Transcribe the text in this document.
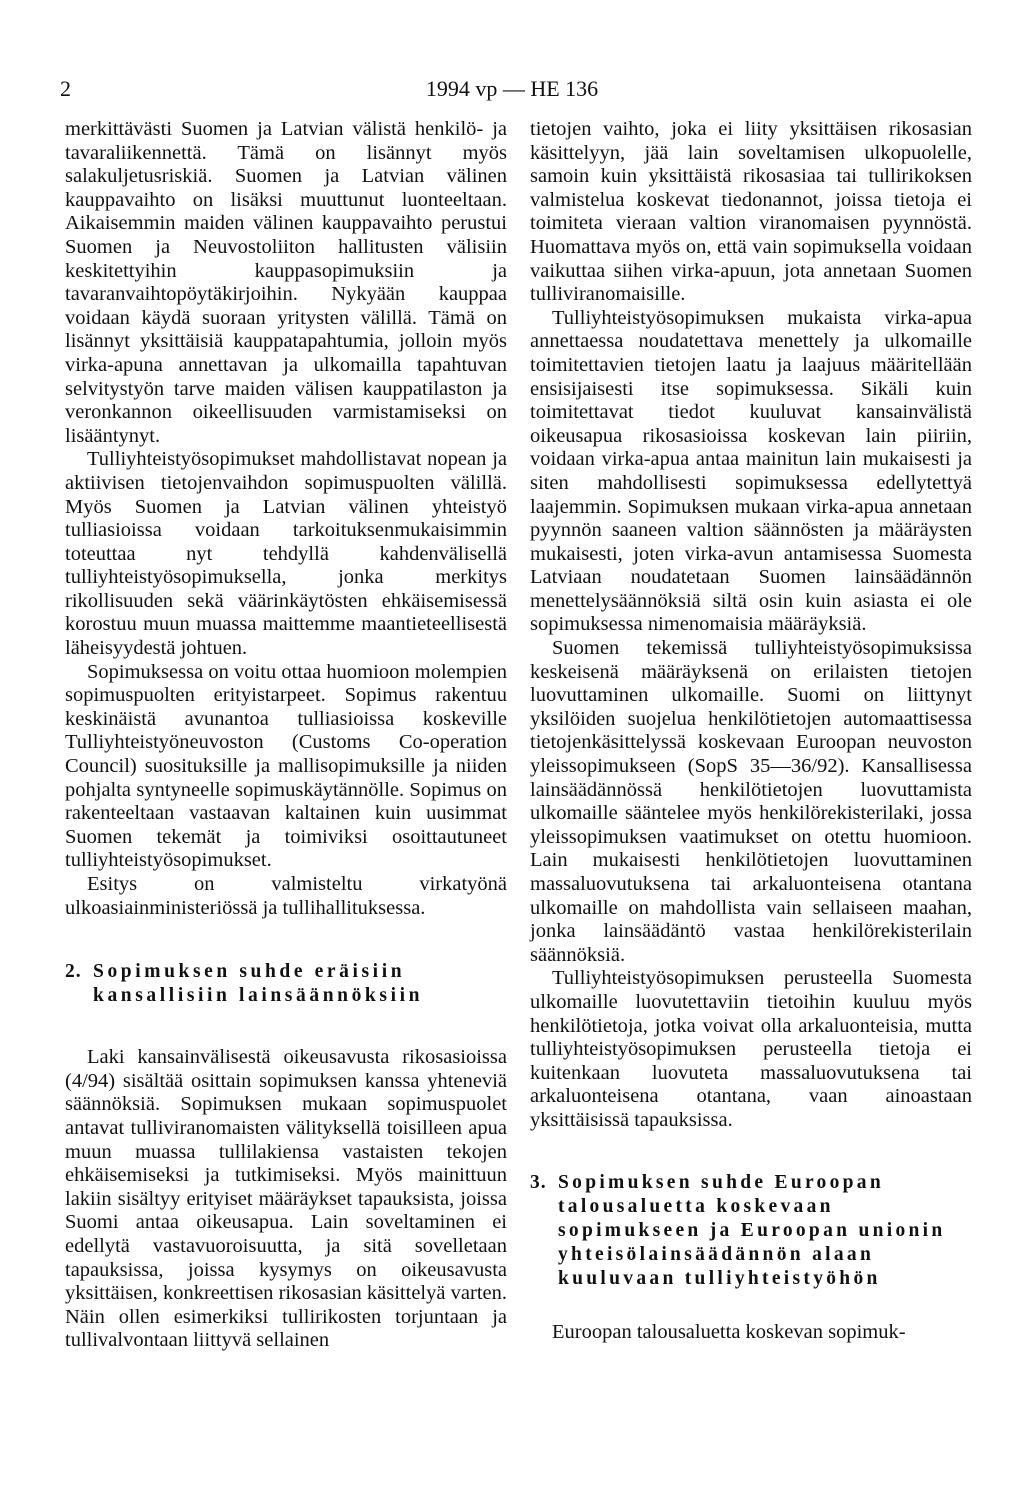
2	1994 vp — HE 136

merkittävästi Suomen ja Latvian välistä henkilö- ja tavaraliikennettä. Tämä on lisännyt myös salakuljetusriskiä. Suomen ja Latvian välinen kauppavaihto on lisäksi muuttunut luonteeltaan. Aikaisemmin maiden välinen kauppavaihto perustui Suomen ja Neuvostoliiton hallitusten välisiin keskitettyihin kauppasopimuksiin ja tavaranvaihtopöytäkirjoihin. Nykyään kauppaa voidaan käydä suoraan yritysten välillä. Tämä on lisännyt yksittäisiä kauppatapahtumia, jolloin myös virka-apuna annettavan ja ulkomailla tapahtuvan selvitystyön tarve maiden välisen kauppatilaston ja veronkannon oikeellisuuden varmistamiseksi on lisääntynyt.

Tulliyhteistyösopimukset mahdollistavat nopean ja aktiivisen tietojenvaihdon sopimuspuolten välillä. Myös Suomen ja Latvian välinen yhteistyö tulliasioissa voidaan tarkoituksenmukaisimmin toteuttaa nyt tehdyllä kahdenvälisellä tulliyhteistyösopimuksella, jonka merkitys rikollisuuden sekä väärinkäytösten ehkäisemisessä korostuu muun muassa maittemme maantieteellisestä läheisyydestä johtuen.

Sopimuksessa on voitu ottaa huomioon molempien sopimuspuolten erityistarpeet. Sopimus rakentuu keskinäistä avunantoa tulliasioissa koskeville Tulliyhteistyöneuvoston (Customs Co-operation Council) suosituksille ja mallisopimuksille ja niiden pohjalta syntyneelle sopimuskäytännölle. Sopimus on rakenteeltaan vastaavan kaltainen kuin uusimmat Suomen tekemät ja toimiviksi osoittautuneet tulliyhteistyösopimukset.

Esitys on valmisteltu virkatyönä ulkoasiainministeriössä ja tullihallituksessa.

2. Sopimuksen suhde eräisiin kansallisiin lainsäännöksiin

Laki kansainvälisestä oikeusavusta rikosasioissa (4/94) sisältää osittain sopimuksen kanssa yhteneviä säännöksiä. Sopimuksen mukaan sopimuspuolet antavat tulliviranomaisten välityksellä toisilleen apua muun muassa tullilakiensa vastaisten tekojen ehkäisemiseksi ja tutkimiseksi. Myös mainittuun lakiin sisältyy erityiset määräykset tapauksista, joissa Suomi antaa oikeusapua. Lain soveltaminen ei edellytä vastavuoroisuutta, ja sitä sovelletaan tapauksissa, joissa kysymys on oikeusavusta yksittäisen, konkreettisen rikosasian käsittelyä varten. Näin ollen esimerkiksi tullirikosten torjuntaan ja tullivalvontaan liittyvä sellainen

tietojen vaihto, joka ei liity yksittäisen rikosasian käsittelyyn, jää lain soveltamisen ulkopuolelle, samoin kuin yksittäistä rikosasiaa tai tullirikoksen valmistelua koskevat tiedonannot, joissa tietoja ei toimiteta vieraan valtion viranomaisen pyynnöstä. Huomattava myös on, että vain sopimuksella voidaan vaikuttaa siihen virka-apuun, jota annetaan Suomen tulliviranomaisille.

Tulliyhteistyösopimuksen mukaista virka-apua annettaessa noudatettava menettely ja ulkomaille toimitettavien tietojen laatu ja laajuus määritellään ensisijaisesti itse sopimuksessa. Sikäli kuin toimitettavat tiedot kuuluvat kansainvälistä oikeusapua rikosasioissa koskevan lain piiriin, voidaan virka-apua antaa mainitun lain mukaisesti ja siten mahdollisesti sopimuksessa edellytettyä laajemmin. Sopimuksen mukaan virka-apua annetaan pyynnön saaneen valtion säännösten ja määräysten mukaisesti, joten virka-avun antamisessa Suomesta Latviaan noudatetaan Suomen lainsäädännön menettelysäännöksiä siltä osin kuin asiasta ei ole sopimuksessa nimenomaisia määräyksiä.

Suomen tekemissä tulliyhteistyösopimuksissa keskeisenä määräyksenä on erilaisten tietojen luovuttaminen ulkomaille. Suomi on liittynyt yksilöiden suojelua henkilötietojen automaattisessa tietojenkäsittelyssä koskevaan Euroopan neuvoston yleissopimukseen (SopS 35—36/92). Kansallisessa lainsäädännössä henkilötietojen luovuttamista ulkomaille sääntelee myös henkilörekisterilaki, jossa yleissopimuksen vaatimukset on otettu huomioon. Lain mukaisesti henkilötietojen luovuttaminen massaluovutuksena tai arkaluonteisena otantana ulkomaille on mahdollista vain sellaiseen maahan, jonka lainsäädäntö vastaa henkilörekisterilain säännöksiä.

Tulliyhteistyösopimuksen perusteella Suomesta ulkomaille luovutettaviin tietoihin kuuluu myös henkilötietoja, jotka voivat olla arkaluonteisia, mutta tulliyhteistyösopimuksen perusteella tietoja ei kuitenkaan luovuteta massaluovutuksena tai arkaluonteisena otantana, vaan ainoastaan yksittäisissä tapauksissa.

3. Sopimuksen suhde Euroopan talousaluetta koskevaan sopimukseen ja Euroopan unionin yhteisölainsäädännön alaan kuuluvaan tulliyhteistyöhön

Euroopan talousaluetta koskevan sopimuk-
